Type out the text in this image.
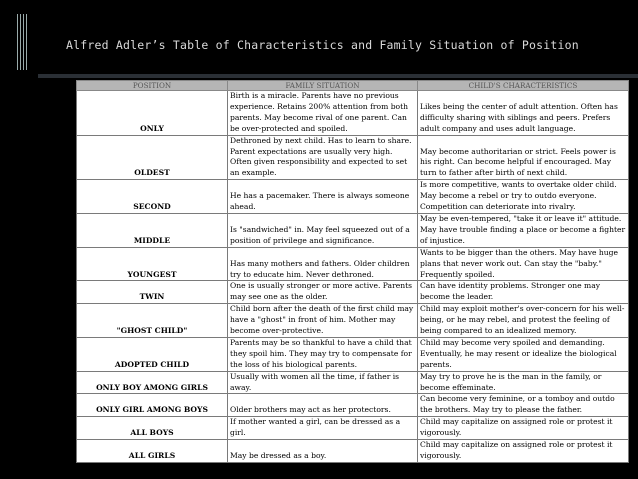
Alfred Adler’s Table of Characteristics and Family Situation of Position
POSITION	FAMILY SITUATION	CHILD'S CHARACTERISTICS
ONLY	Birth is a miracle. Parents have no previous experience. Retains 200% attention from both parents. May become rival of one parent. Can be over-protected and spoiled.	Likes being the center of adult attention. Often has difficulty sharing with siblings and peers. Prefers adult company and uses adult language.
OLDEST	Dethroned by next child. Has to learn to share. Parent expectations are usually very high. Often given responsibility and expected to set an example.	May become authoritarian or strict. Feels power is his right. Can become helpful if encouraged. May turn to father after birth of next child.
SECOND	He has a pacemaker. There is always someone ahead.	Is more competitive, wants to overtake older child. May become a rebel or try to outdo everyone. Competition can deteriorate into rivalry.
MIDDLE	Is "sandwiched" in. May feel squeezed out of a position of privilege and significance.	May be even-tempered, "take it or leave it" attitude. May have trouble finding a place or become a fighter of injustice.
YOUNGEST	Has many mothers and fathers. Older children try to educate him. Never dethroned.	Wants to be bigger than the others. May have huge plans that never work out. Can stay the "baby." Frequently spoiled.
TWIN	One is usually stronger or more active. Parents may see one as the older.	Can have identity problems. Stronger one may become the leader.
"GHOST CHILD"	Child born after the death of the first child may have a "ghost" in front of him. Mother may become over-protective.	Child may exploit mother's over-concern for his well-being, or he may rebel, and protest the feeling of being compared to an idealized memory.
ADOPTED CHILD	Parents may be so thankful to have a child that they spoil him. They may try to compensate for the loss of his biological parents.	Child may become very spoiled and demanding. Eventually, he may resent or idealize the biological parents.
ONLY BOY AMONG GIRLS	Usually with women all the time, if father is away.	May try to prove he is the man in the family, or become effeminate.
ONLY GIRL AMONG BOYS	Older brothers may act as her protectors.	Can become very feminine, or a tomboy and outdo the brothers. May try to please the father.
ALL BOYS	If mother wanted a girl, can be dressed as a girl.	Child may capitalize on assigned role or protest it vigorously.
ALL GIRLS	May be dressed as a boy.	Child may capitalize on assigned role or protest it vigorously.
